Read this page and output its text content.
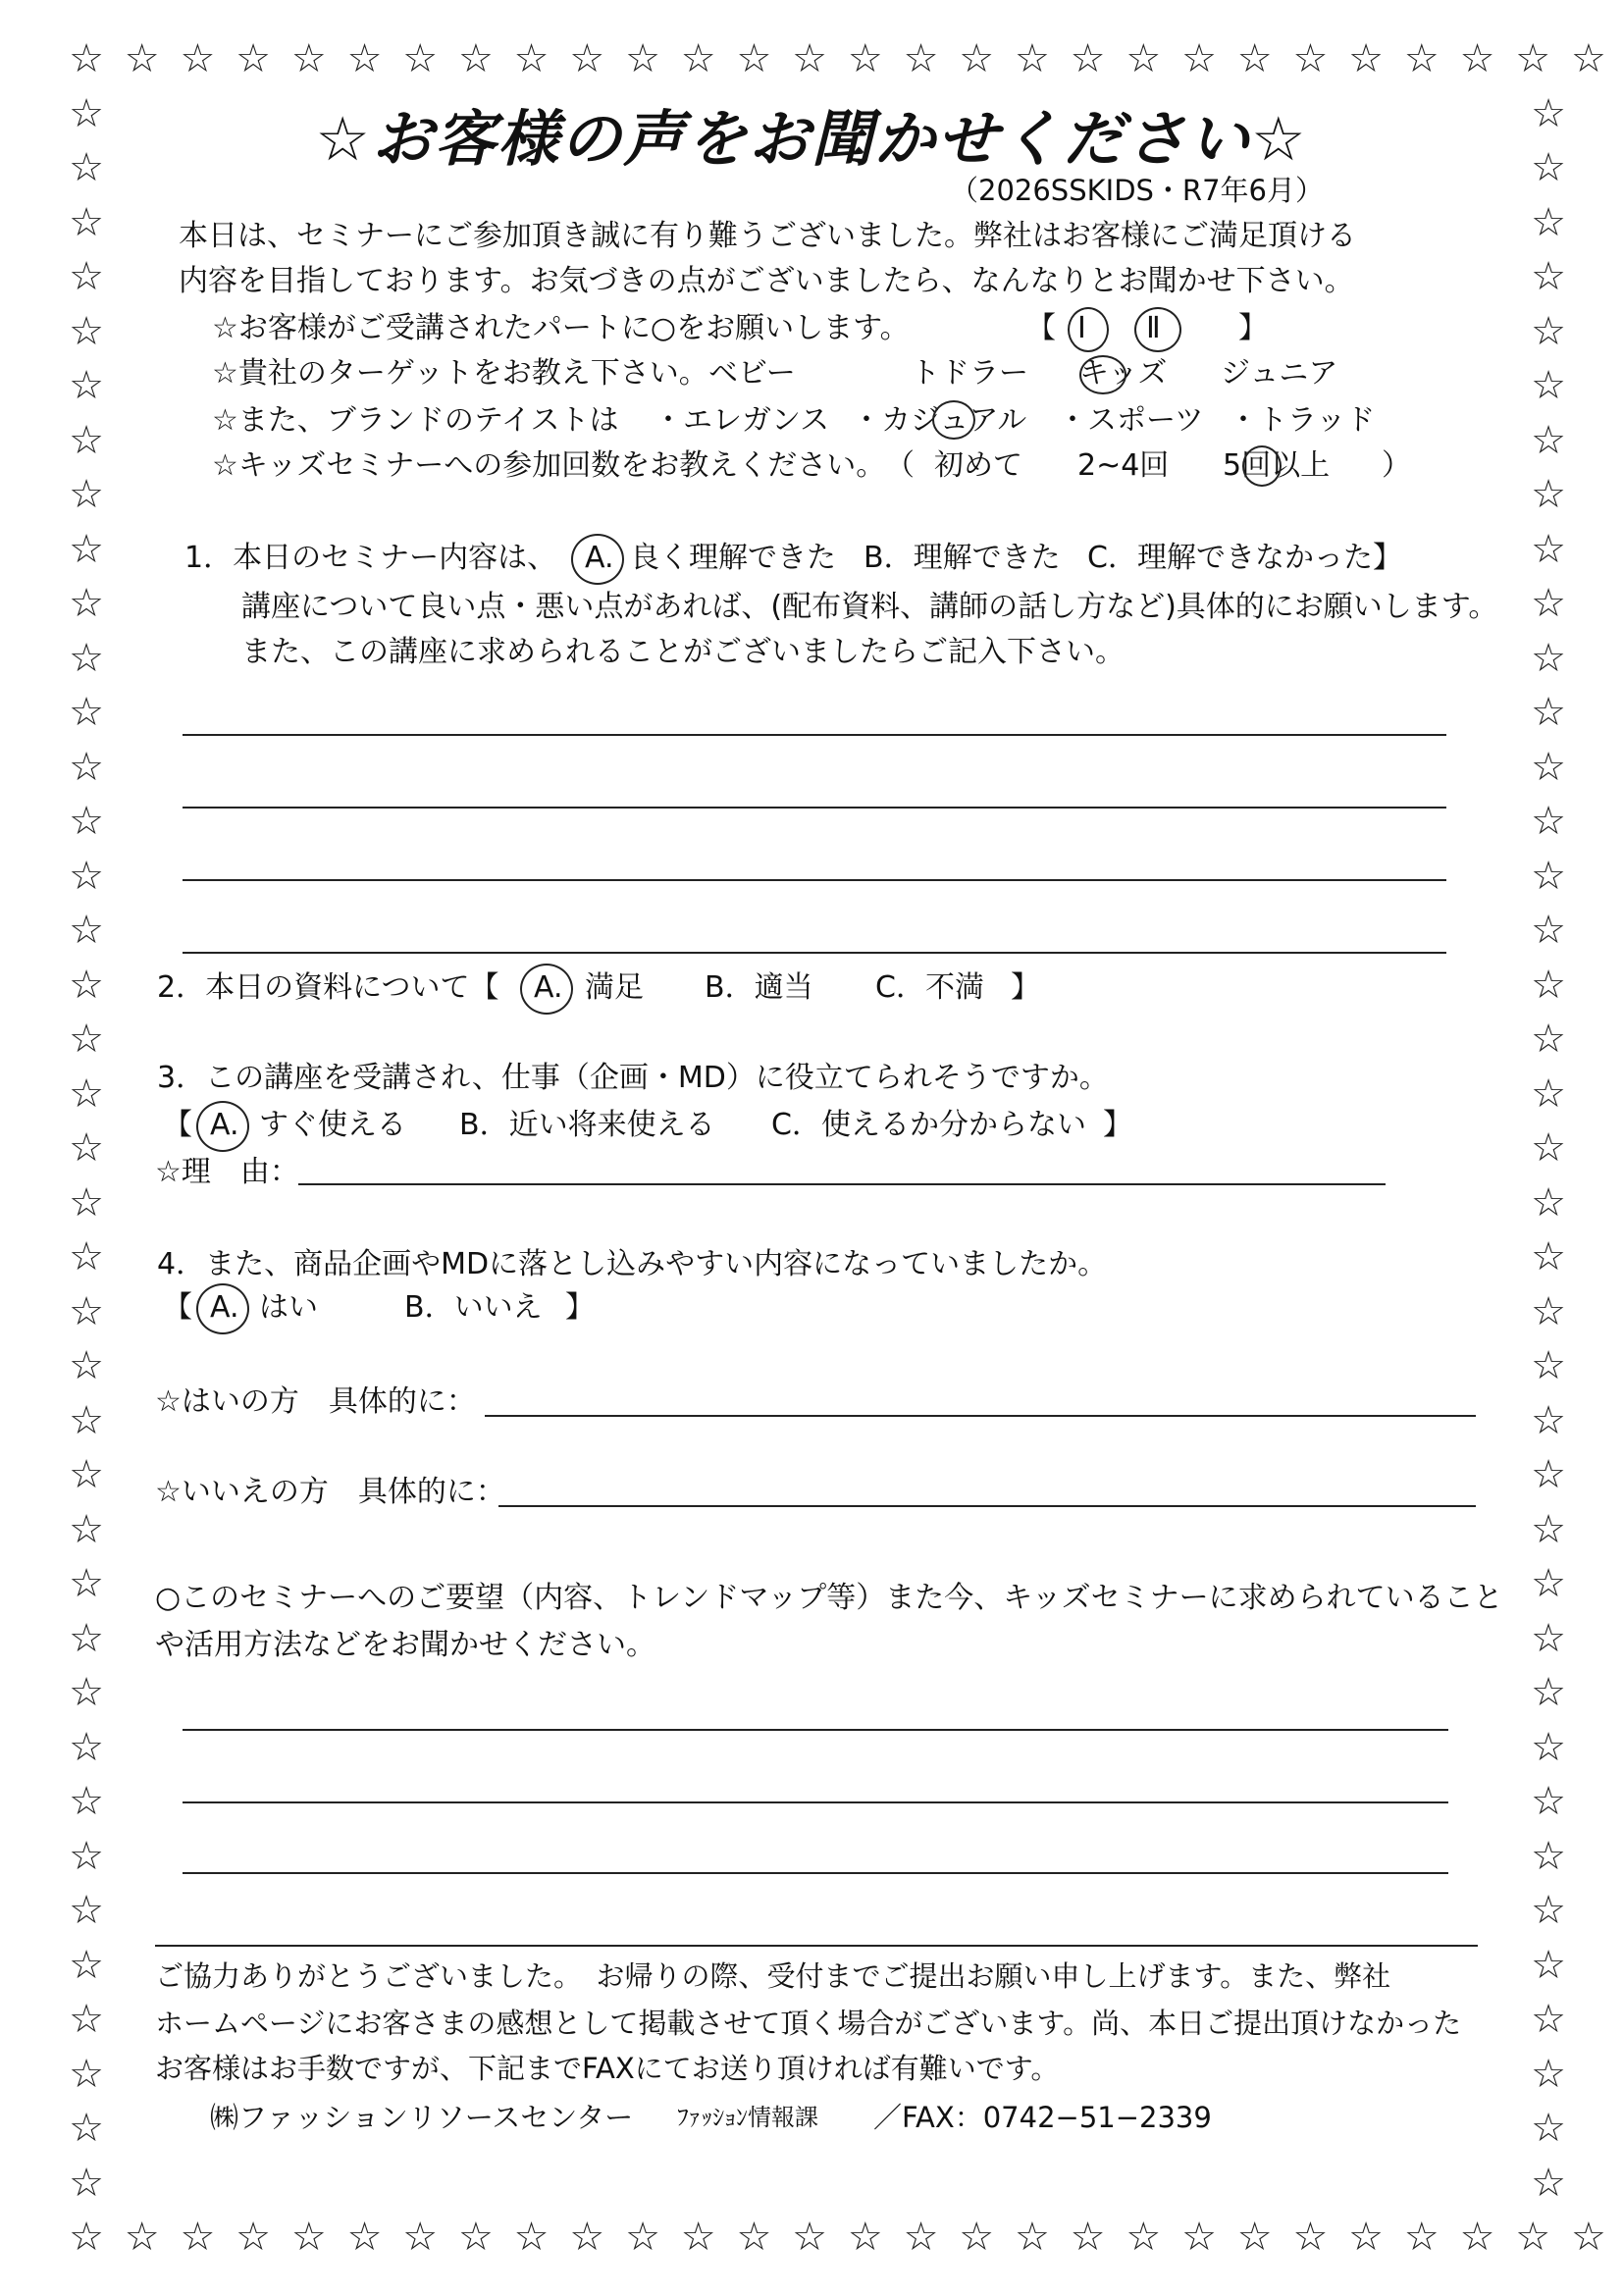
☆
☆
☆
☆
☆
☆
☆
☆
☆
☆
☆
☆
☆
☆
☆
☆
☆
☆
☆
☆
☆
☆
☆
☆
☆
☆
☆
☆
☆
☆
☆
☆
☆
☆
☆
☆
☆
☆
☆
☆
☆
☆
☆
☆
☆
☆
☆
☆
☆
☆
☆
☆
☆
☆
☆
☆
☆	☆
☆	☆
☆	☆
☆	☆
☆	☆
☆	☆
☆	☆
☆	☆
☆	☆
☆	☆
☆	☆
☆	☆
☆	☆
☆	☆
☆	☆
☆	☆
☆	☆
☆	☆
☆	☆
☆	☆
☆	☆
☆	☆
☆	☆
☆	☆
☆	☆
☆	☆
☆	☆
☆	☆
☆	☆
☆	☆
☆	☆
☆	☆
☆	☆
☆	☆
☆	☆
☆	☆
☆	☆
☆	☆
☆	☆
☆お客様の声をお聞かせください☆
（2026SSKIDS・R7年6月）
本日は、セミナーにご参加頂き誠に有り難うございました。弊社はお客様にご満足頂ける
内容を目指しております。お気づきの点がございましたら、なんなりとお聞かせ下さい。
☆お客様がご受講されたパートに○をお願いします。	【 Ⅰ Ⅱ	】
☆貴社のターゲットをお教え下さい。 ベビー	トドラー キッズ ジュニア
☆また、ブランドのテイストは ・エレガンス ・カジュアル ・スポーツ ・トラッド
☆キッズセミナーへの参加回数をお教えください。 （ 初めて 2~4回 5回以上 ）
1．本日のセミナー内容は、 A. 良く理解できた B．理解できた C．理解できなかった】
講座について良い点・悪い点があれば、(配布資料、講師の話し方など)具体的にお願いします。
また、この講座に求められることがございましたらご記入下さい。
2．本日の資料について【 A. 満足 B．適当 C．不満 】
3．この講座を受講され、仕事（企画・MD）に役立てられそうですか。
【 A. すぐ使える B．近い将来使える C．使えるか分からない 】
☆理　由：
4．また、商品企画やMDに落とし込みやすい内容になっていましたか。
【 A. はい	B．いいえ 】
☆はいの方　具体的に：
☆いいえの方　具体的に：
○このセミナーへのご要望（内容、トレンドマップ等）また今、キッズセミナーに求められていること
や活用方法などをお聞かせください。
ご協力ありがとうございました。　お帰りの際、受付までご提出お願い申し上げます。また、弊社
ホームページにお客さまの感想として掲載させて頂く場合がございます。尚、本日ご提出頂けなかった
お客様はお手数ですが、下記までFAXにてお送り頂ければ有難いです。
㈱ファッションリソースセンター ﾌｧｯｼｮﾝ情報課 ／FAX：0742−51−2339
